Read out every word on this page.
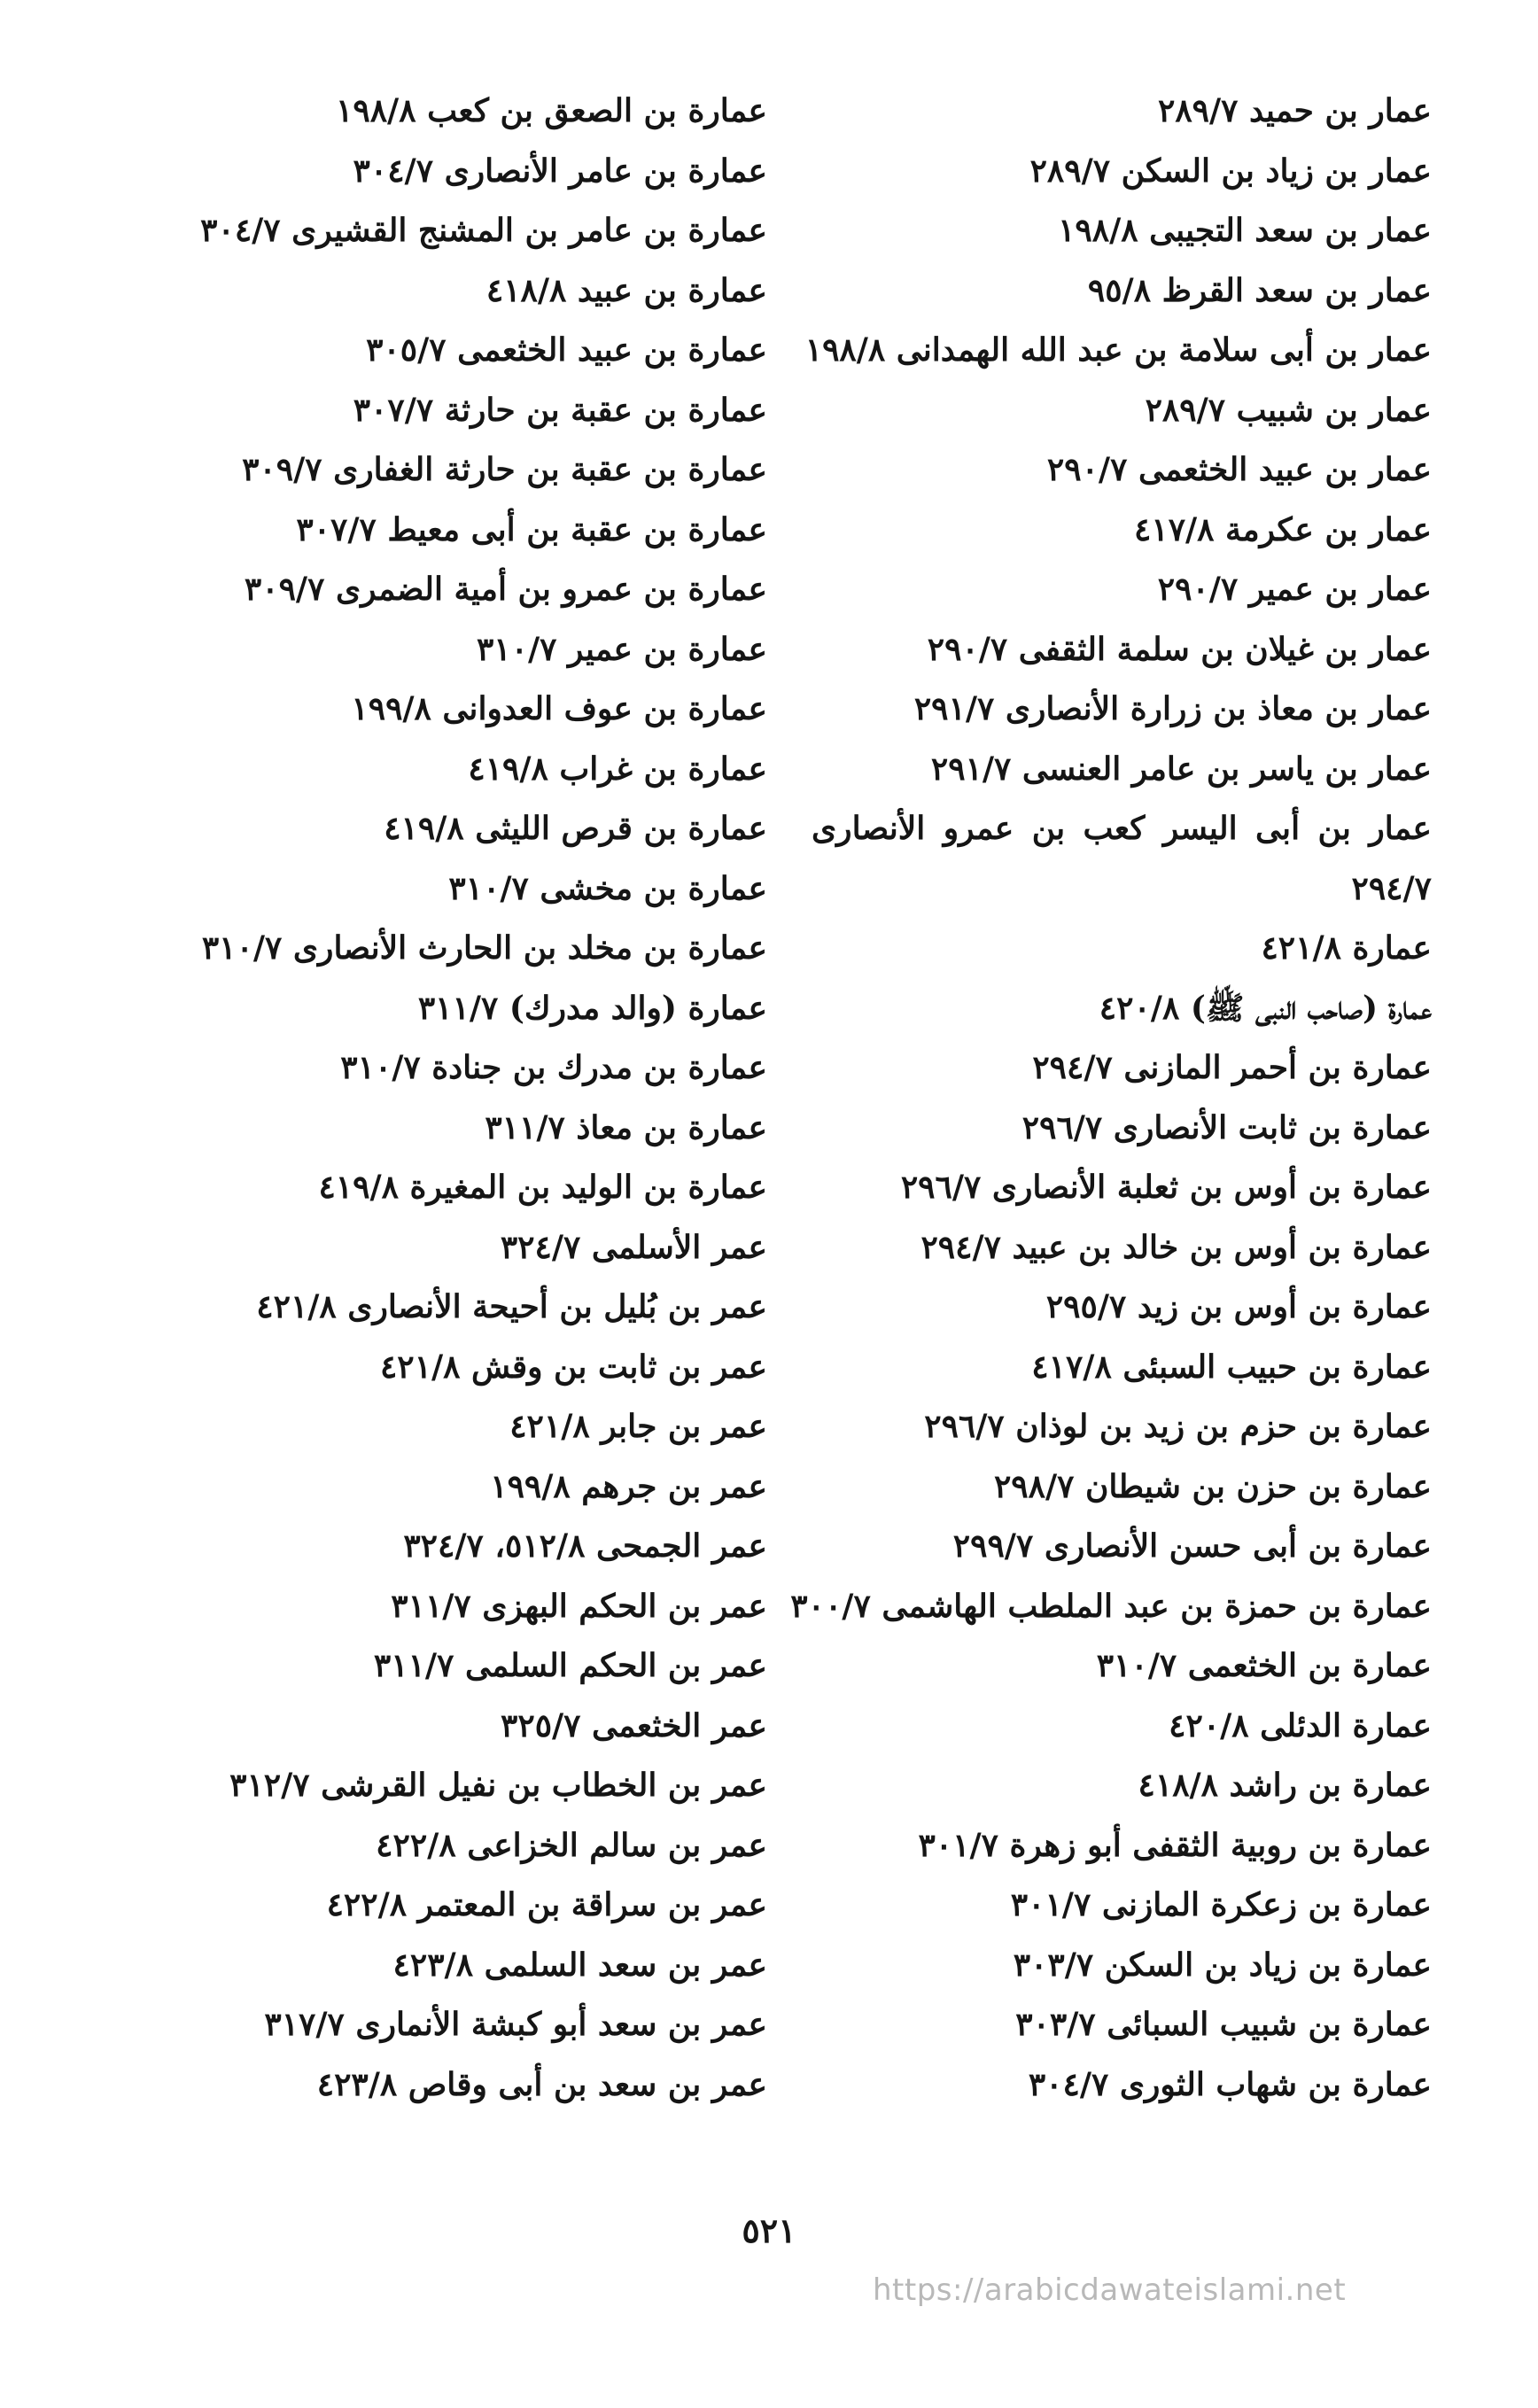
عمار بن حميد ٢٨٩/٧
عمار بن زياد بن السكن ٢٨٩/٧
عمار بن سعد التجيبى ١٩٨/٨
عمار بن سعد القرظ ٩٥/٨
عمار بن أبى سلامة بن عبد الله الهمدانى ١٩٨/٨
عمار بن شبيب ٢٨٩/٧
عمار بن عبيد الخثعمى ٢٩٠/٧
عمار بن عكرمة ٤١٧/٨
عمار بن عمير ٢٩٠/٧
عمار بن غيلان بن سلمة الثقفى ٢٩٠/٧
عمار بن معاذ بن زرارة الأنصارى ٢٩١/٧
عمار بن ياسر بن عامر العنسى ٢٩١/٧
عمار بن أبى اليسر كعب بن عمرو الأنصارى ٢٩٤/٧
عمارة ٤٢١/٨
عمارة (صاحب النبى ﷺ) ٤٢٠/٨
عمارة بن أحمر المازنى ٢٩٤/٧
عمارة بن ثابت الأنصارى ٢٩٦/٧
عمارة بن أوس بن ثعلبة الأنصارى ٢٩٦/٧
عمارة بن أوس بن خالد بن عبيد ٢٩٤/٧
عمارة بن أوس بن زيد ٢٩٥/٧
عمارة بن حبيب السبئى ٤١٧/٨
عمارة بن حزم بن زيد بن لوذان ٢٩٦/٧
عمارة بن حزن بن شيطان ٢٩٨/٧
عمارة بن أبى حسن الأنصارى ٢٩٩/٧
عمارة بن حمزة بن عبد الملطب الهاشمى ٣٠٠/٧
عمارة بن الخثعمى ٣١٠/٧
عمارة الدئلى ٤٢٠/٨
عمارة بن راشد ٤١٨/٨
عمارة بن روبية الثقفى أبو زهرة ٣٠١/٧
عمارة بن زعكرة المازنى ٣٠١/٧
عمارة بن زياد بن السكن ٣٠٣/٧
عمارة بن شبيب السبائى ٣٠٣/٧
عمارة بن شهاب الثورى ٣٠٤/٧
عمارة بن الصعق بن كعب ١٩٨/٨
عمارة بن عامر الأنصارى ٣٠٤/٧
عمارة بن عامر بن المشنج القشيرى ٣٠٤/٧
عمارة بن عبيد ٤١٨/٨
عمارة بن عبيد الخثعمى ٣٠٥/٧
عمارة بن عقبة بن حارثة ٣٠٧/٧
عمارة بن عقبة بن حارثة الغفارى ٣٠٩/٧
عمارة بن عقبة بن أبى معيط ٣٠٧/٧
عمارة بن عمرو بن أمية الضمرى ٣٠٩/٧
عمارة بن عمير ٣١٠/٧
عمارة بن عوف العدوانى ١٩٩/٨
عمارة بن غراب ٤١٩/٨
عمارة بن قرص الليثى ٤١٩/٨
عمارة بن مخشى ٣١٠/٧
عمارة بن مخلد بن الحارث الأنصارى ٣١٠/٧
عمارة (والد مدرك) ٣١١/٧
عمارة بن مدرك بن جنادة ٣١٠/٧
عمارة بن معاذ ٣١١/٧
عمارة بن الوليد بن المغيرة ٤١٩/٨
عمر الأسلمى ٣٢٤/٧
عمر بن بُليل بن أحيحة الأنصارى ٤٢١/٨
عمر بن ثابت بن وقش ٤٢١/٨
عمر بن جابر ٤٢١/٨
عمر بن جرهم ١٩٩/٨
عمر الجمحى ٥١٢/٨، ٣٢٤/٧
عمر بن الحكم البهزى ٣١١/٧
عمر بن الحكم السلمى ٣١١/٧
عمر الخثعمى ٣٢٥/٧
عمر بن الخطاب بن نفيل القرشى ٣١٢/٧
عمر بن سالم الخزاعى ٤٢٢/٨
عمر بن سراقة بن المعتمر ٤٢٢/٨
عمر بن سعد السلمى ٤٢٣/٨
عمر بن سعد أبو كبشة الأنمارى ٣١٧/٧
عمر بن سعد بن أبى وقاص ٤٢٣/٨
٥٢١
https://arabicdawateislami.net
